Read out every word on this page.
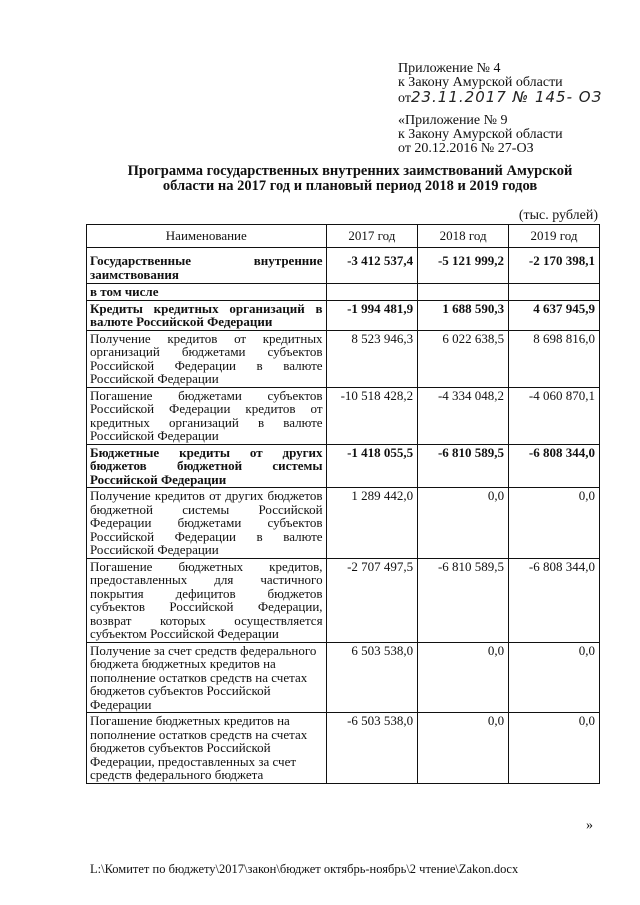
Приложение № 4
к Закону Амурской области
от23.11.2017 № 145- ОЗ
«Приложение № 9
к Закону Амурской области
от 20.12.2016 № 27-ОЗ
Программа государственных внутренних заимствований Амурской
области на 2017 год и плановый период 2018 и 2019 годов
(тыс. рублей)
Наименование	2017 год	2018 год	2019 год
Государственные внутренние заимствования	-3 412 537,4	-5 121 999,2	-2 170 398,1
в том числе			
Кредиты кредитных организаций в валюте Российской Федерации	-1 994 481,9	1 688 590,3	4 637 945,9
Получение кредитов от кредитных организаций бюджетами субъектов Российской Федерации в валюте Российской Федерации	8 523 946,3	6 022 638,5	8 698 816,0
Погашение бюджетами субъектов Российской Федерации кредитов от кредитных организаций в валюте Российской Федерации	-10 518 428,2	-4 334 048,2	-4 060 870,1
Бюджетные кредиты от других бюджетов бюджетной системы Российской Федерации	-1 418 055,5	-6 810 589,5	-6 808 344,0
Получение кредитов от других бюджетов бюджетной системы Российской Федерации бюджетами субъектов Российской Федерации в валюте Российской Федерации	1 289 442,0	0,0	0,0
Погашение бюджетных кредитов, предоставленных для частичного покрытия дефицитов бюджетов субъектов Российской Федерации, возврат которых осуществляется субъектом Российской Федерации	-2 707 497,5	-6 810 589,5	-6 808 344,0
Получение за счет средств федерального бюджета бюджетных кредитов на пополнение остатков средств на счетах бюджетов субъектов Российской Федерации	6 503 538,0	0,0	0,0
Погашение бюджетных кредитов на пополнение остатков средств на счетах бюджетов субъектов Российской Федерации, предоставленных за счет средств федерального бюджета	-6 503 538,0	0,0	0,0
»
L:\Комитет по бюджету\2017\закон\бюджет октябрь-ноябрь\2 чтение\Zakon.docx
